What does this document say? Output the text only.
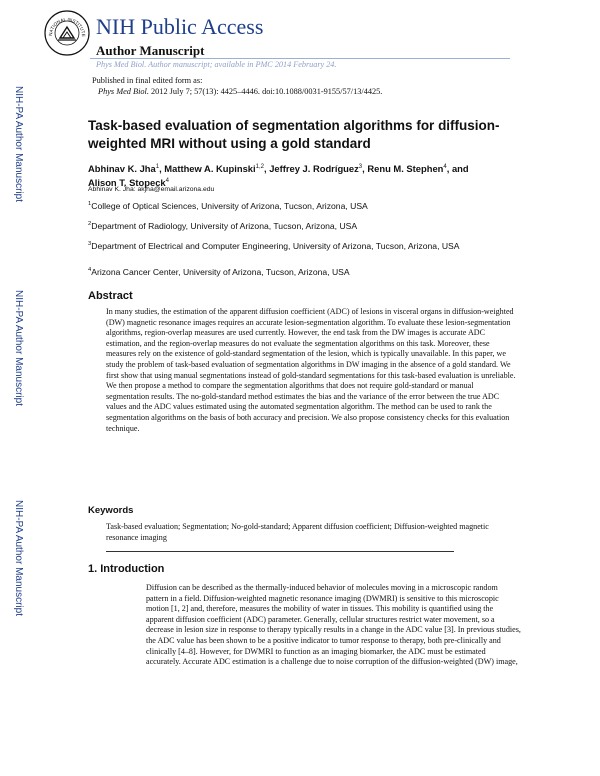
NATIONAL INSTITUTE NIH Public Access
Author Manuscript
Phys Med Biol. Author manuscript; available in PMC 2014 February 24.
Published in final edited form as:
Phys Med Biol. 2012 July 7; 57(13): 4425–4446. doi:10.1088/0031-9155/57/13/4425.
NIH-PA Author Manuscript
NIH-PA Author Manuscript
NIH-PA Author Manuscript
Task-based evaluation of segmentation algorithms for diffusion-weighted MRI without using a gold standard
Abhinav K. Jha$^1$, Matthew A. Kupinski$^{1,2}$, Jeffrey J. Rodríguez$^3$, Renu M. Stephen$^4$, and
Alison T. Stopeck$^4$
Abhinav K. Jha: akjha@email.arizona.edu
$^1$College of Optical Sciences, University of Arizona, Tucson, Arizona, USA
$^2$Department of Radiology, University of Arizona, Tucson, Arizona, USA
$^3$Department of Electrical and Computer Engineering, University of Arizona, Tucson, Arizona, USA
$^4$Arizona Cancer Center, University of Arizona, Tucson, Arizona, USA
Abstract
In many studies, the estimation of the apparent diffusion coefficient (ADC) of lesions in visceral organs in diffusion-weighted (DW) magnetic resonance images requires an accurate lesion-segmentation algorithm. To evaluate these lesion-segmentation algorithms, region-overlap measures are used currently. However, the end task from the DW images is accurate ADC estimation, and the region-overlap measures do not evaluate the segmentation algorithms on this task. Moreover, these measures rely on the existence of gold-standard segmentation of the lesion, which is typically unavailable. In this paper, we study the problem of task-based evaluation of segmentation algorithms in DW imaging in the absence of a gold standard. We first show that using manual segmentations instead of gold-standard segmentations for this task-based evaluation is unreliable. We then propose a method to compare the segmentation algorithms that does not require gold-standard or manual segmentation results. The no-gold-standard method estimates the bias and the variance of the error between the true ADC values and the ADC values estimated using the automated segmentation algorithm. The method can be used to rank the segmentation algorithms on the basis of both accuracy and precision. We also propose consistency checks for this evaluation technique.
Keywords
Task-based evaluation; Segmentation; No-gold-standard; Apparent diffusion coefficient; Diffusion-weighted magnetic resonance imaging
1. Introduction
Diffusion can be described as the thermally-induced behavior of molecules moving in a microscopic random pattern in a field. Diffusion-weighted magnetic resonance imaging (DWMRI) is sensitive to this microscopic motion [1, 2] and, therefore, measures the mobility of water in tissues. This mobility is quantified using the apparent diffusion coefficient (ADC) parameter. Generally, cellular structures restrict water movement, so a decrease in lesion size in response to therapy typically results in a change in the ADC value [3]. In previous studies, the ADC value has been shown to be a positive indicator to tumor response to therapy, both pre-clinically and clinically [4–8]. However, for DWMRI to function as an imaging biomarker, the ADC must be estimated accurately. Accurate ADC estimation is a challenge due to noise corruption of the diffusion-weighted (DW) image,
